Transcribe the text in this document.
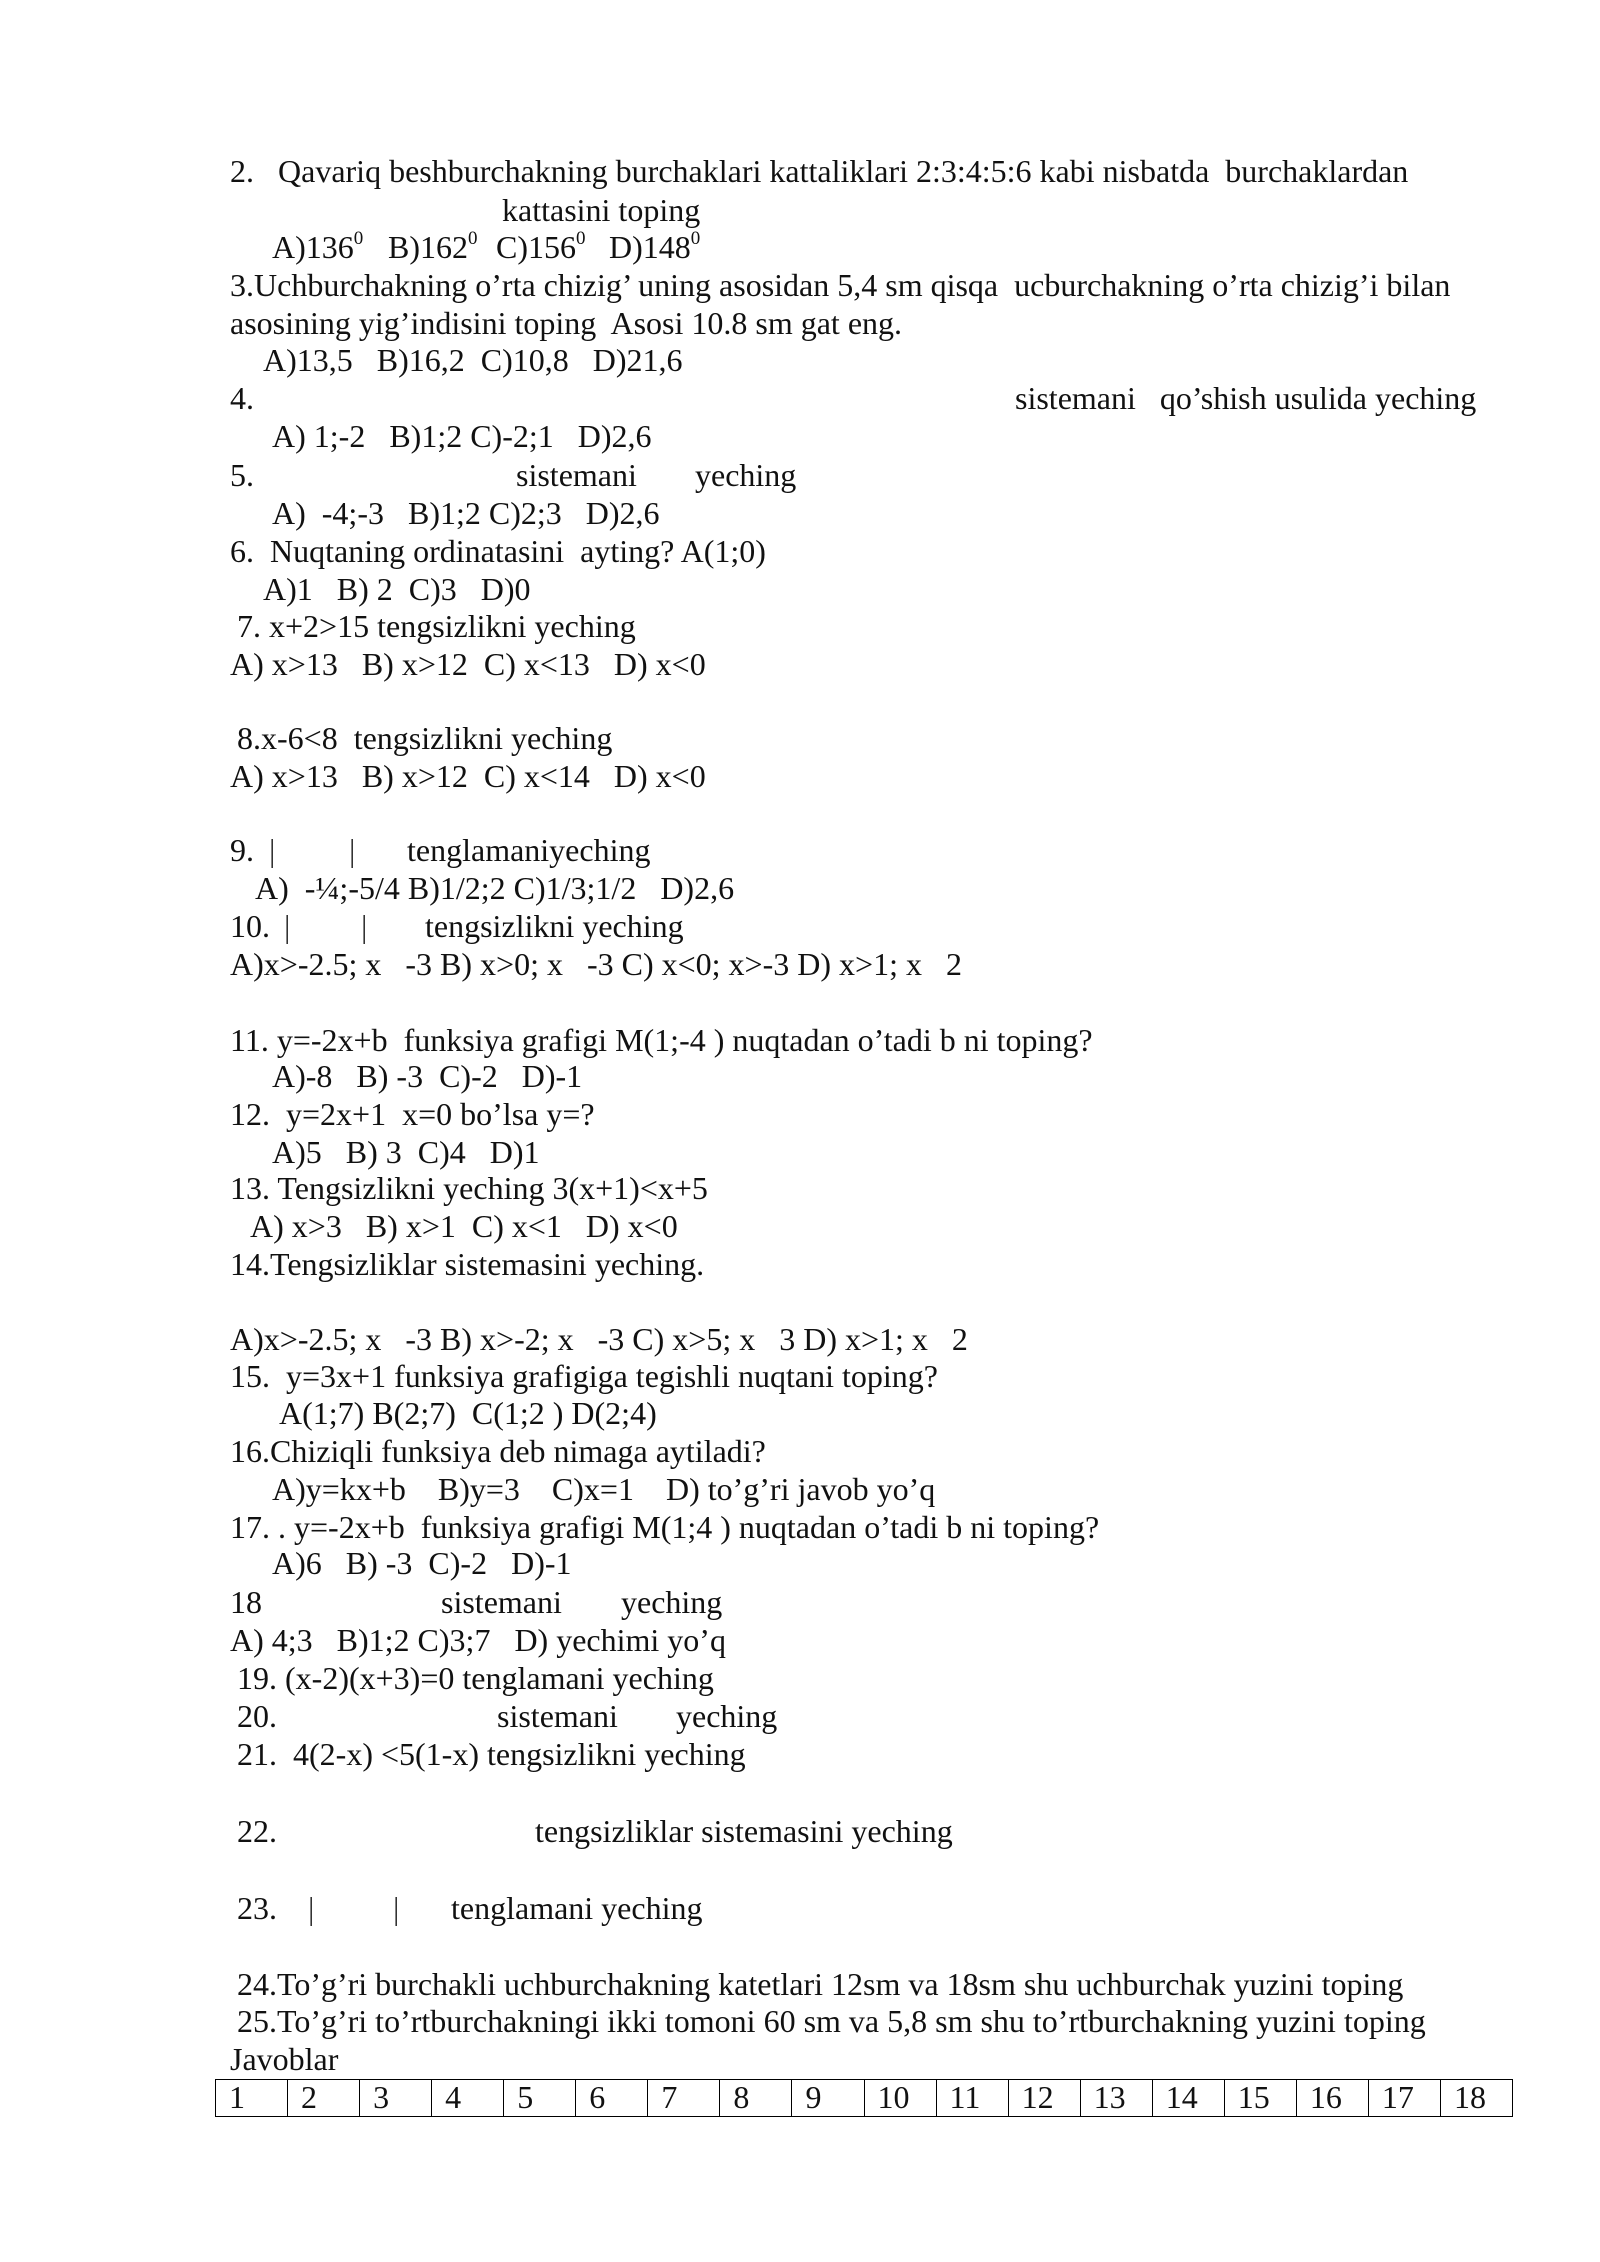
2.   Qavariq beshburchakning burchaklari kattaliklari 2:3:4:5:6 kabi nisbatda  burchaklardan
kattasini toping
$A)136^0$ $B)162^0$ $C)156^0$ $D)148^0$
3.Uchburchakning o’rta chizig’ uning asosidan 5,4 sm qisqa  ucburchakning o’rta chizig’i bilan
asosining yig’indisini toping  Asosi 10.8 sm gat eng.
A)13,5   B)16,2  C)10,8   D)21,6
4.	sistemani   qo’shish usulida yeching
A) 1;-2   B)1;2 C)-2;1   D)2,6
5.	sistemani yeching
A)  -4;-3   B)1;2 C)2;3   D)2,6
6.  Nuqtaning ordinatasini  ayting? A(1;0)
A)1   B) 2  C)3   D)0
7. x+2>15 tengsizlikni yeching
A) x>13   B) x>12  C) x<13   D) x<0
8.x-6<8  tengsizlikni yeching
A) x>13   B) x>12  C) x<14   D) x<0
9. | | tenglamaniyeching
A)  -¼;-5/4 B)1/2;2 C)1/3;1/2   D)2,6
10. | | tengsizlikni yeching
A)x>-2.5; x   -3 B) x>0; x   -3 C) x<0; x>-3 D) x>1; x   2
11. y=-2x+b  funksiya grafigi M(1;-4 ) nuqtadan o’tadi b ni toping?
A)-8   B) -3  C)-2   D)-1
12.  y=2x+1  x=0 bo’lsa y=?
A)5   B) 3  C)4   D)1
13. Tengsizlikni yeching 3(x+1)<x+5
A) x>3   B) x>1  C) x<1   D) x<0
14.Tengsizliklar sistemasini yeching.
A)x>-2.5; x   -3 B) x>-2; x   -3 C) x>5; x   3 D) x>1; x   2
15.  y=3x+1 funksiya grafigiga tegishli nuqtani toping?
A(1;7) B(2;7)  C(1;2 ) D(2;4)
16.Chiziqli funksiya deb nimaga aytiladi?
A)y=kx+b    B)y=3    C)x=1    D) to’g’ri javob yo’q
17. . y=-2x+b  funksiya grafigi M(1;4 ) nuqtadan o’tadi b ni toping?
A)6   B) -3  C)-2   D)-1
18	sistemani yeching
A) 4;3   B)1;2 C)3;7   D) yechimi yo’q
19. (x-2)(x+3)=0 tenglamani yeching
20.	sistemani yeching
21.  4(2-x) <5(1-x) tengsizlikni yeching
22.	tengsizliklar sistemasini yeching
23. | | tenglamani yeching
24.To’g’ri burchakli uchburchakning katetlari 12sm va 18sm shu uchburchak yuzini toping
25.To’g’ri to’rtburchakningi ikki tomoni 60 sm va 5,8 sm shu to’rtburchakning yuzini toping
Javoblar
1	2	3	4	5	6	7	8	9	10	11	12	13	14	15	16	17	18
